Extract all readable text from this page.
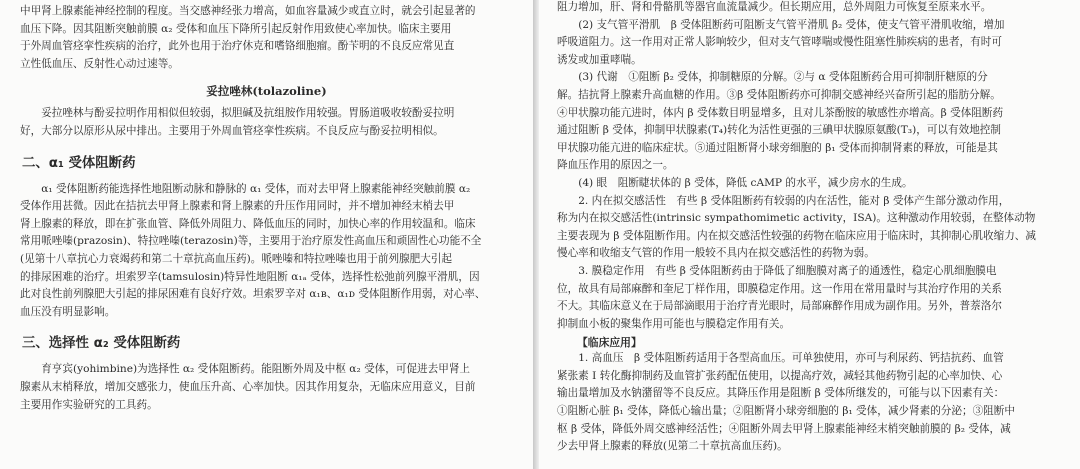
中甲肾上腺素能神经控制的程度。当交感神经张力增高，如血容量减少或直立时，就会引起显著的

血压下降。因其阻断突触前膜 α₂ 受体和血压下降所引起反射作用致使心率加快。临床主要用

于外周血管痉挛性疾病的治疗，此外也用于治疗休克和嗜铬细胞瘤。酚苄明的不良反应常见直

立性低血压、反射性心动过速等。

妥拉唑林(tolazoline)

妥拉唑林与酚妥拉明作用相似但较弱，拟胆碱及抗组胺作用较强。胃肠道吸收较酚妥拉明

好，大部分以原形从尿中排出。主要用于外周血管痉挛性疾病。不良反应与酚妥拉明相似。

二、α₁ 受体阻断药

α₁ 受体阻断药能选择性地阻断动脉和静脉的 α₁ 受体，而对去甲肾上腺素能神经突触前膜 α₂

受体作用甚微。因此在拮抗去甲肾上腺素和肾上腺素的升压作用同时，并不增加神经末梢去甲

肾上腺素的释放，即在扩张血管、降低外周阻力、降低血压的同时，加快心率的作用较温和。临床

常用哌唑嗪(prazosin)、特拉唑嗪(terazosin)等，主要用于治疗原发性高血压和顽固性心功能不全

(见第十八章抗心力衰竭药和第二十章抗高血压药)。哌唑嗪和特拉唑嗪也用于前列腺肥大引起

的排尿困难的治疗。坦索罗辛(tamsulosin)特异性地阻断 α₁ₐ 受体，选择性松弛前列腺平滑肌，因

此对良性前列腺肥大引起的排尿困难有良好疗效。坦索罗辛对 α₁ʙ、α₁ᴅ 受体阻断作用弱，对心率、

血压没有明显影响。

三、选择性 α₂ 受体阻断药

育亨宾(yohimbine)为选择性 α₂ 受体阻断药。能阻断外周及中枢 α₂ 受体，可促进去甲肾上

腺素从末梢释放，增加交感张力，使血压升高、心率加快。因其作用复杂，无临床应用意义，目前

主要用作实验研究的工具药。

阻力增加，肝、肾和骨骼肌等器官血流量减少。但长期应用，总外周阻力可恢复至原来水平。

(2) 支气管平滑肌　β 受体阻断药可阻断支气管平滑肌 β₂ 受体，使支气管平滑肌收缩，增加

呼吸道阻力。这一作用对正常人影响较少，但对支气管哮喘或慢性阻塞性肺疾病的患者，有时可

诱发或加重哮喘。

(3) 代谢　①阻断 β₂ 受体，抑制糖原的分解。②与 α 受体阻断药合用可抑制肝糖原的分

解。拮抗肾上腺素升高血糖的作用。③β 受体阻断药亦可抑制交感神经兴奋所引起的脂肪分解。

④甲状腺功能亢进时，体内 β 受体数目明显增多，且对儿茶酚胺的敏感性亦增高。β 受体阻断药

通过阻断 β 受体，抑制甲状腺素(T₄)转化为活性更强的三碘甲状腺原氨酸(T₃)，可以有效地控制

甲状腺功能亢进的临床症状。⑤通过阻断肾小球旁细胞的 β₁ 受体而抑制肾素的释放，可能是其

降血压作用的原因之一。

(4) 眼　阻断睫状体的 β 受体，降低 cAMP 的水平，减少房水的生成。

2. 内在拟交感活性　有些 β 受体阻断药有较弱的内在活性，能对 β 受体产生部分激动作用，

称为内在拟交感活性(intrinsic sympathomimetic activity，ISA)。这种激动作用较弱，在整体动物

主要表现为 β 受体阻断作用。内在拟交感活性较强的药物在临床应用于临床时，其抑制心肌收缩力、减

慢心率和收缩支气管的作用一般较不具内在拟交感活性的药物为弱。

3. 膜稳定作用　有些 β 受体阻断药由于降低了细胞膜对离子的通透性，稳定心肌细胞膜电

位，故具有局部麻醉和奎尼丁样作用，即膜稳定作用。这一作用在常用量时与其治疗作用的关系

不大。其临床意义在于局部滴眼用于治疗青光眼时，局部麻醉作用成为副作用。另外，普萘洛尔

抑制血小板的聚集作用可能也与膜稳定作用有关。

【临床应用】

1. 高血压　β 受体阻断药适用于各型高血压。可单独使用，亦可与利尿药、钙拮抗药、血管

紧张素 I 转化酶抑制药及血管扩张药配伍使用，以提高疗效，减轻其他药物引起的心率加快、心

输出量增加及水钠潴留等不良反应。其降压作用是阻断 β 受体所继发的，可能与以下因素有关：

①阻断心脏 β₁ 受体，降低心输出量；②阻断肾小球旁细胞的 β₁ 受体，减少肾素的分泌；③阻断中

枢 β 受体，降低外周交感神经活性；④阻断外周去甲肾上腺素能神经末梢突触前膜的 β₂ 受体，减

少去甲肾上腺素的释放(见第二十章抗高血压药)。
